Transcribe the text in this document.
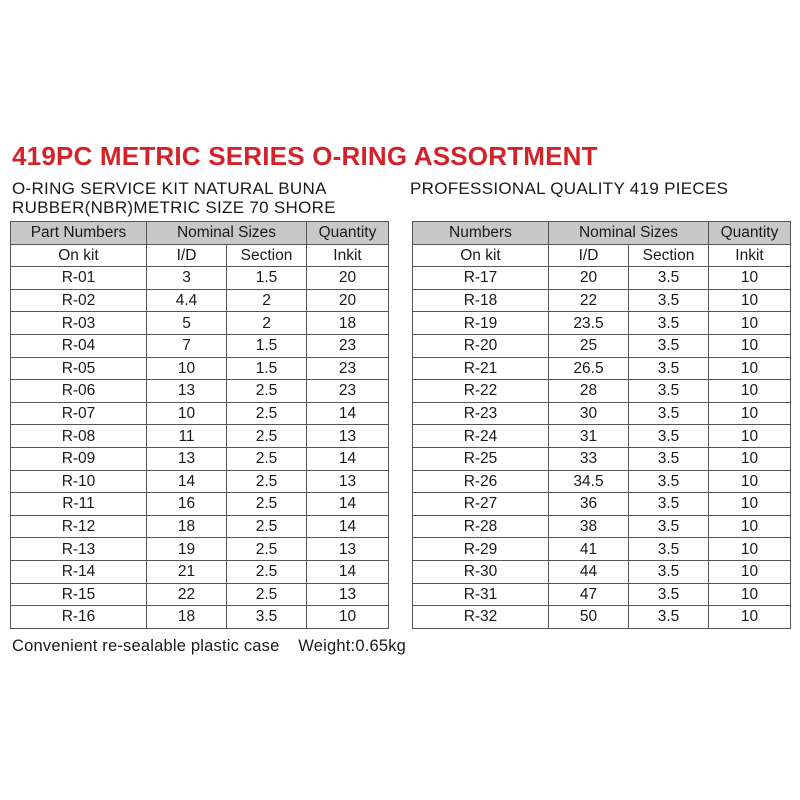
419PC METRIC SERIES O-RING ASSORTMENT
O-RING SERVICE KIT NATURAL BUNA
RUBBER(NBR)METRIC SIZE 70 SHORE
PROFESSIONAL QUALITY 419 PIECES
Part Numbers	Nominal Sizes		Quantity
On kit	I/D	Section	Inkit
R-01	3	1.5	20
R-02	4.4	2	20
R-03	5	2	18
R-04	7	1.5	23
R-05	10	1.5	23
R-06	13	2.5	23
R-07	10	2.5	14
R-08	11	2.5	13
R-09	13	2.5	14
R-10	14	2.5	13
R-11	16	2.5	14
R-12	18	2.5	14
R-13	19	2.5	13
R-14	21	2.5	14
R-15	22	2.5	13
R-16	18	3.5	10
Numbers	Nominal Sizes		Quantity
On kit	I/D	Section	Inkit
R-17	20	3.5	10
R-18	22	3.5	10
R-19	23.5	3.5	10
R-20	25	3.5	10
R-21	26.5	3.5	10
R-22	28	3.5	10
R-23	30	3.5	10
R-24	31	3.5	10
R-25	33	3.5	10
R-26	34.5	3.5	10
R-27	36	3.5	10
R-28	38	3.5	10
R-29	41	3.5	10
R-30	44	3.5	10
R-31	47	3.5	10
R-32	50	3.5	10
Convenient re-sealable plastic case Weight:0.65kg
